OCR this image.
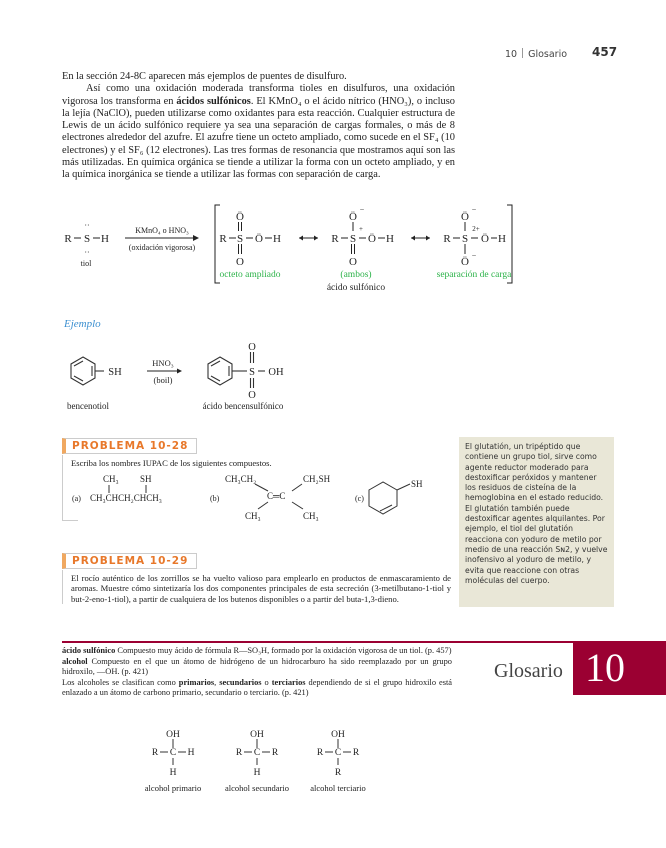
10 Glosario 457

En la sección 24-8C aparecen más ejemplos de puentes de disulfuro.

Así como una oxidación moderada transforma tioles en disulfuros, una oxidación vigorosa los transforma en ácidos sulfónicos. El KMnO₄ o el ácido nítrico (HNO₃), o incluso la lejía (NaClO), pueden utilizarse como oxidantes para esta reacción. Cualquier estructura de Lewis de un ácido sulfónico requiere ya sea una separación de cargas formales, o más de 8 electrones alrededor del azufre. El azufre tiene un octeto ampliado, como sucede en el SF₄ (10 electrones) y el SF₆ (12 electrones). Las tres formas de resonancia que mostramos aquí son las más utilizadas. En química orgánica se tiende a utilizar la forma con un octeto ampliado, y en la química inorgánica se tiende a utilizar las formas con separación de carga.

R S
··
··
H
tiol
KMnO₄ o HNO₃
(oxidación vigorosa)
R S
Ö
O
Ö H
octeto ampliado
R S
+
Ö
−
O
Ö H
(ambos)
ácido sulfónico
R S
2+
Ö
−
Ö
−
Ö H
separación de carga
Ejemplo
SH
HNO₃
(boil)
S
O
O
OH
bencenotiol	ácido bencensulfónico
PROBLEMA 10-28
Escriba los nombres IUPAC de los siguientes compuestos.
(a) CH₃CHCH₂CHCH₃
CH₃ SH
(b)
CH₃CH₂	CH₂SH
C═C
CH₃	CH₃
(c)
SH
El glutatión, un tripéptido que contiene un grupo tiol, sirve como agente reductor moderado para destoxificar peróxidos y mantener los residuos de cisteína de la hemoglobina en el estado reducido. El glutatión también puede destoxificar agentes alquilantes. Por ejemplo, el tiol del glutatión reacciona con yoduro de metilo por medio de una reacción Sɴ2, y vuelve inofensivo al yoduro de metilo, y evita que reaccione con otras moléculas del cuerpo.
PROBLEMA 10-29
El rocío auténtico de los zorrillos se ha vuelto valioso para emplearlo en productos de enmascaramiento de aromas. Muestre cómo sintetizaría los dos componentes principales de esta secreción (3-metilbutano-1-tiol y but-2-eno-1-tiol), a partir de cualquiera de los butenos disponibles o a partir del buta-1,3-dieno.
10
Glosario

ácido sulfónico Compuesto muy ácido de fórmula R—SO₃H, formado por la oxidación vigorosa de un tiol. (p. 457)

alcohol Compuesto en el que un átomo de hidrógeno de un hidrocarburo ha sido reemplazado por un grupo hidroxilo, —OH. (p. 421)

Los alcoholes se clasifican como primarios, secundarios o terciarios dependiendo de si el grupo hidroxilo está enlazado a un átomo de carbono primario, secundario o terciario. (p. 421)

OH
R C H
H
alcohol primario
OH
R C R
H
alcohol secundario
OH
R C R
R
alcohol terciario
